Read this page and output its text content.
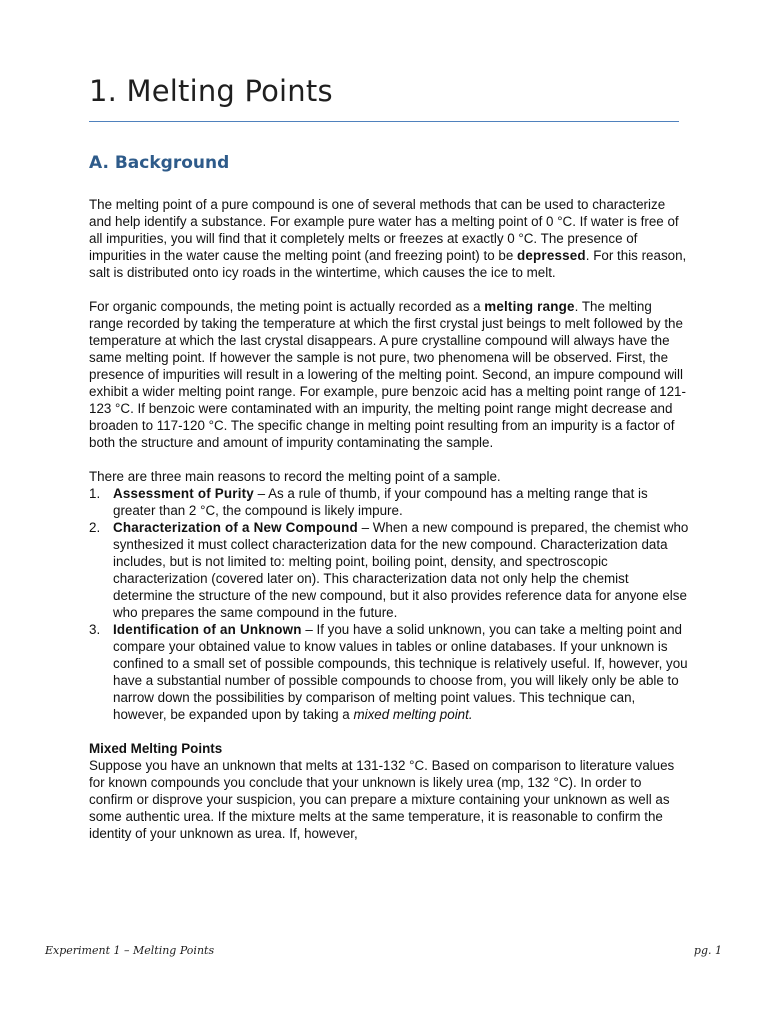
1. Melting Points
A. Background

The melting point of a pure compound is one of several methods that can be used to characterize and help identify a substance. For example pure water has a melting point of 0 °C. If water is free of all impurities, you will find that it completely melts or freezes at exactly 0 °C. The presence of impurities in the water cause the melting point (and freezing point) to be depressed. For this reason, salt is distributed onto icy roads in the wintertime, which causes the ice to melt.

For organic compounds, the meting point is actually recorded as a melting range. The melting range recorded by taking the temperature at which the first crystal just beings to melt followed by the temperature at which the last crystal disappears. A pure crystalline compound will always have the same melting point. If however the sample is not pure, two phenomena will be observed. First, the presence of impurities will result in a lowering of the melting point. Second, an impure compound will exhibit a wider melting point range. For example, pure benzoic acid has a melting point range of 121-123 °C. If benzoic were contaminated with an impurity, the melting point range might decrease and broaden to 117-120 °C. The specific change in melting point resulting from an impurity is a factor of both the structure and amount of impurity contaminating the sample.

There are three main reasons to record the melting point of a sample.
1. Assessment of Purity – As a rule of thumb, if your compound has a melting range that is greater than 2 °C, the compound is likely impure.
2. Characterization of a New Compound – When a new compound is prepared, the chemist who synthesized it must collect characterization data for the new compound. Characterization data includes, but is not limited to: melting point, boiling point, density, and spectroscopic characterization (covered later on). This characterization data not only help the chemist determine the structure of the new compound, but it also provides reference data for anyone else who prepares the same compound in the future.
3. Identification of an Unknown – If you have a solid unknown, you can take a melting point and compare your obtained value to know values in tables or online databases. If your unknown is confined to a small set of possible compounds, this technique is relatively useful. If, however, you have a substantial number of possible compounds to choose from, you will likely only be able to narrow down the possibilities by comparison of melting point values. This technique can, however, be expanded upon by taking a mixed melting point.
Mixed Melting Points
Suppose you have an unknown that melts at 131-132 °C. Based on comparison to literature values for known compounds you conclude that your unknown is likely urea (mp, 132 °C). In order to confirm or disprove your suspicion, you can prepare a mixture containing your unknown as well as some authentic urea. If the mixture melts at the same temperature, it is reasonable to confirm the identity of your unknown as urea. If, however,
Experiment 1 – Melting Points	pg. 1
